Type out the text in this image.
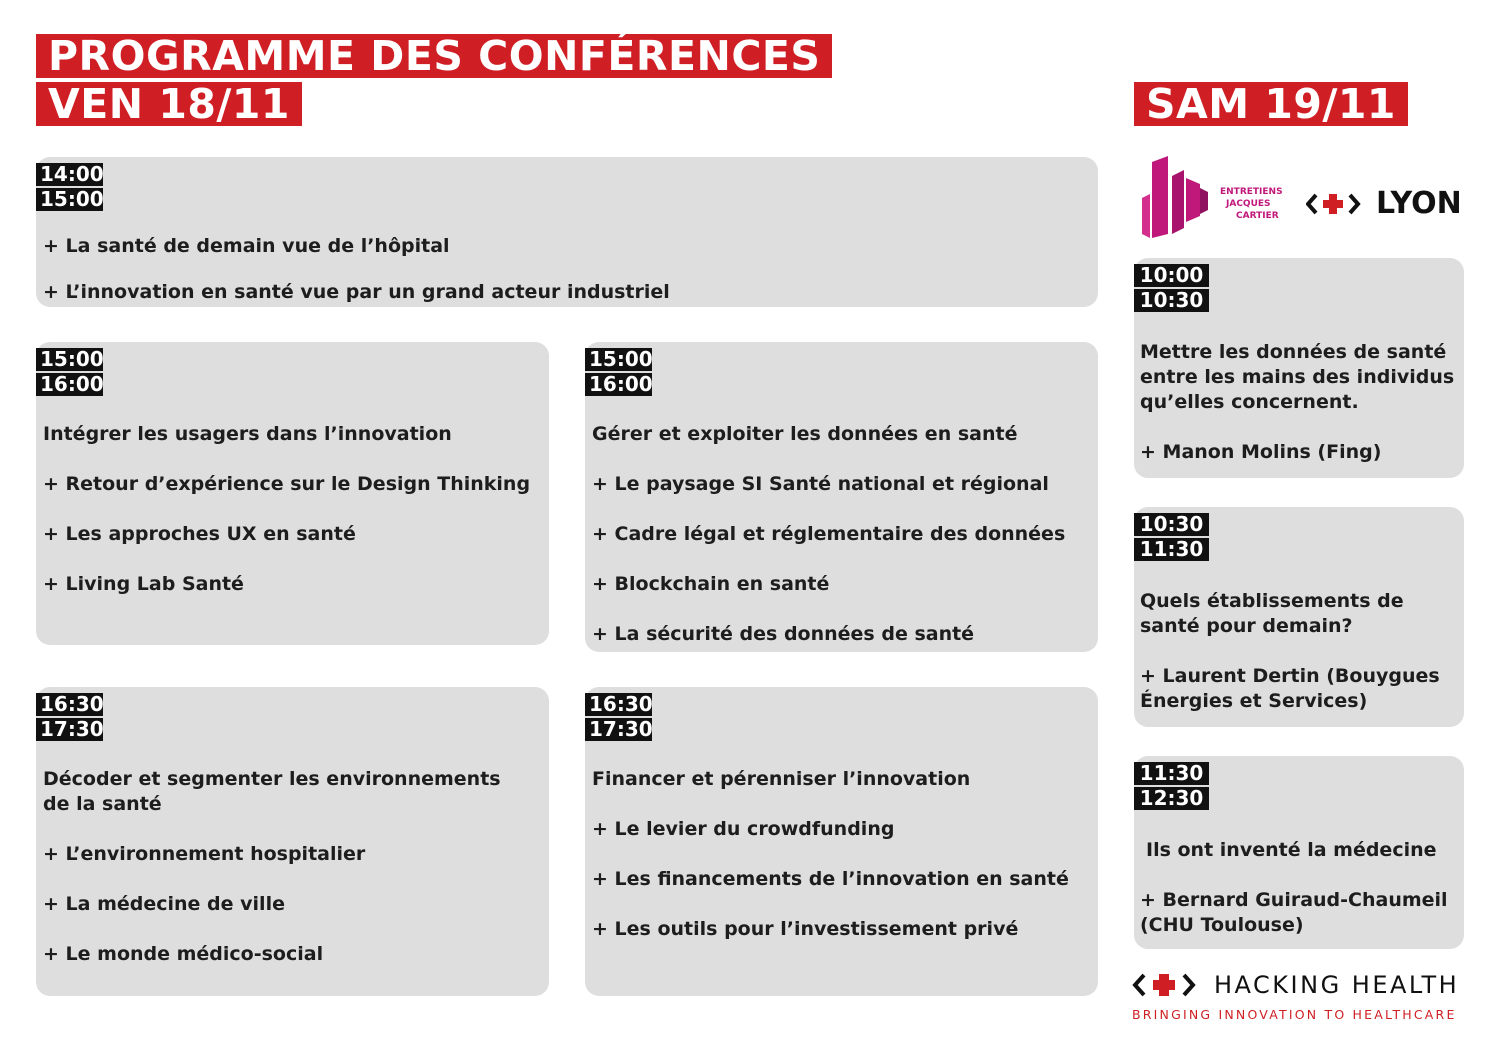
PROGRAMME DES CONFÉRENCES
VEN 18/11	SAM 19/11
14:00
15:00
+ La santé de demain vue de l’hôpital
+ L’innovation en santé vue par un grand acteur industriel
15:00
16:00
Intégrer les usagers dans l’innovation
+ Retour d’expérience sur le Design Thinking
+ Les approches UX en santé
+ Living Lab Santé
15:00
16:00
Gérer et exploiter les données en santé
+ Le paysage SI Santé national et régional
+ Cadre légal et réglementaire des données
+ Blockchain en santé
+ La sécurité des données de santé
16:30
17:30
Décoder et segmenter les environnements de la santé
+ L’environnement hospitalier
+ La médecine de ville
+ Le monde médico-social
16:30
17:30
Financer et pérenniser l’innovation
+ Le levier du crowdfunding
+ Les financements de l’innovation en santé
+ Les outils pour l’investissement privé
ENTRETIENS
JACQUES
CARTIER	LYON
10:00
10:30
Mettre les données de santé entre les mains des individus qu’elles concernent.
+ Manon Molins (Fing)
10:30
11:30
Quels établissements de santé pour demain?
+ Laurent Dertin (Bouygues Énergies et Services)
11:30
12:30
Ils ont inventé la médecine
+ Bernard Guiraud-Chaumeil (CHU Toulouse)
HACKING HEALTH
BRINGING INNOVATION TO HEALTHCARE
